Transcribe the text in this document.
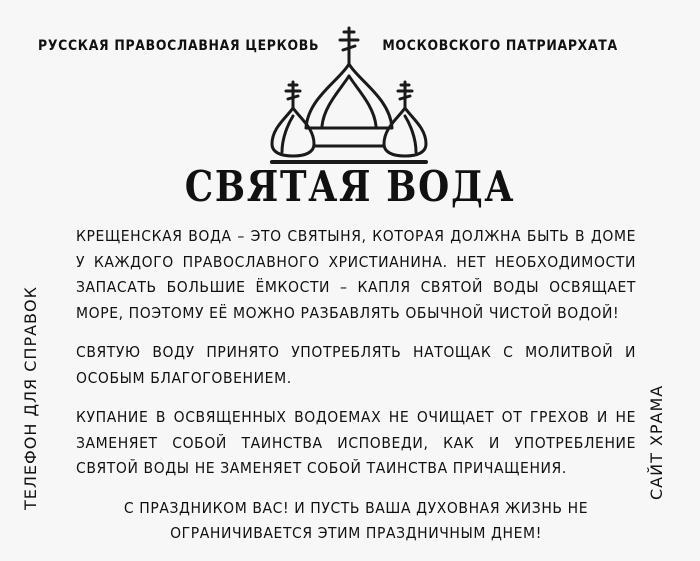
РУССКАЯ ПРАВОСЛАВНАЯ ЦЕРКОВЬ	МОСКОВСКОГО ПАТРИАРХАТА
СВЯТАЯ ВОДА

КРЕЩЕНСКАЯ ВОДА – ЭТО СВЯТЫНЯ, КОТОРАЯ ДОЛЖНА БЫТЬ В ДОМЕ У КАЖДОГО ПРАВОСЛАВНОГО ХРИСТИАНИНА. НЕТ НЕОБХОДИМОСТИ ЗАПАСАТЬ БОЛЬШИЕ ЁМКОСТИ – КАПЛЯ СВЯТОЙ ВОДЫ ОСВЯЩАЕТ МОРЕ, ПОЭТОМУ ЕЁ МОЖНО РАЗБАВЛЯТЬ ОБЫЧНОЙ ЧИСТОЙ ВОДОЙ!

СВЯТУЮ ВОДУ ПРИНЯТО УПОТРЕБЛЯТЬ НАТОЩАК С МОЛИТВОЙ И ОСОБЫМ БЛАГОГОВЕНИЕМ.

КУПАНИЕ В ОСВЯЩЕННЫХ ВОДОЕМАХ НЕ ОЧИЩАЕТ ОТ ГРЕХОВ И НЕ ЗАМЕНЯЕТ СОБОЙ ТАИНСТВА ИСПОВЕДИ, КАК И УПОТРЕБЛЕНИЕ СВЯТОЙ ВОДЫ НЕ ЗАМЕНЯЕТ СОБОЙ ТАИНСТВА ПРИЧАЩЕНИЯ.

С ПРАЗДНИКОМ ВАС! И ПУСТЬ ВАША ДУХОВНАЯ ЖИЗНЬ НЕ ОГРАНИЧИВАЕТСЯ ЭТИМ ПРАЗДНИЧНЫМ ДНЕМ!

ТЕЛЕФОН ДЛЯ СПРАВОК	САЙТ ХРАМА
